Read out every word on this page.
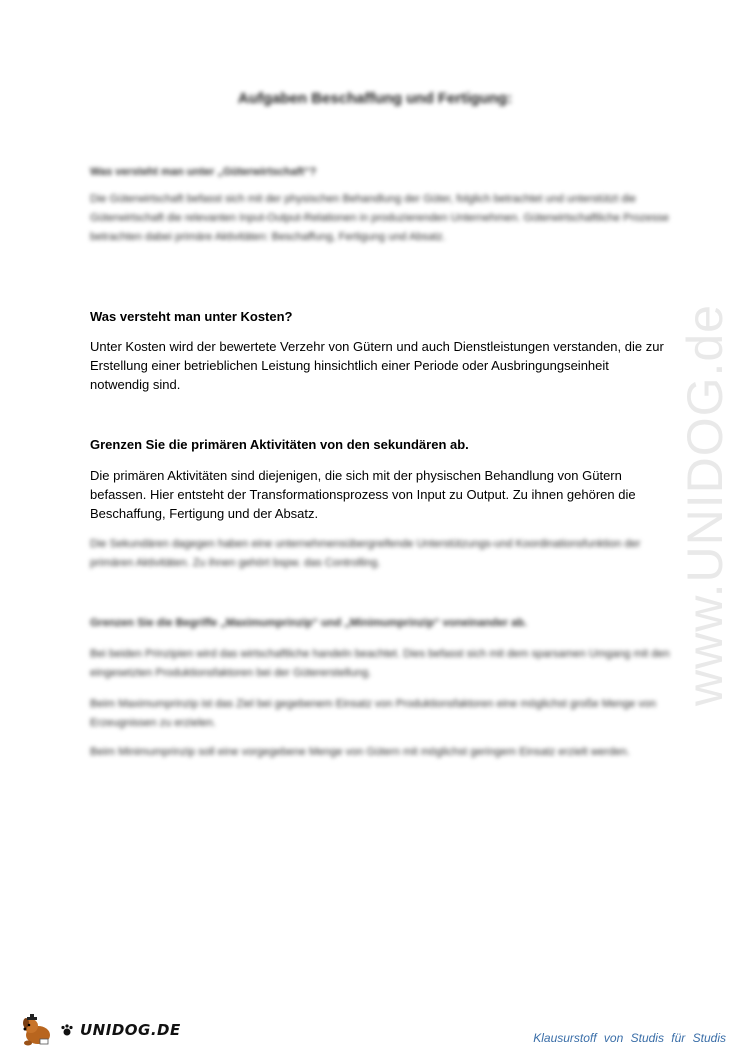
www.UNIDOG.de
Aufgaben Beschaffung und Fertigung:
Was versteht man unter „Güterwirtschaft“?
Die Güterwirtschaft befasst sich mit der physischen Behandlung der Güter, folglich betrachtet und unterstützt die Güterwirtschaft die relevanten Input-Output-Relationen in produzierenden Unternehmen. Güterwirtschaftliche Prozesse betrachten dabei primäre Aktivitäten: Beschaffung, Fertigung und Absatz.
Was versteht man unter Kosten?
Unter Kosten wird der bewertete Verzehr von Gütern und auch Dienstleistungen verstanden, die zur Erstellung einer betrieblichen Leistung hinsichtlich einer Periode oder Ausbringungseinheit notwendig sind.
Grenzen Sie die primären Aktivitäten von den sekundären ab.
Die primären Aktivitäten sind diejenigen, die sich mit der physischen Behandlung von Gütern befassen. Hier entsteht der Transformationsprozess von Input zu Output. Zu ihnen gehören die Beschaffung, Fertigung und der Absatz.
Die Sekundären dagegen haben eine unternehmensübergreifende Unterstützungs-und Koordinationsfunktion der primären Aktivitäten. Zu ihnen gehört bspw. das Controlling.
Grenzen Sie die Begriffe „Maximumprinzip“ und „Minimumprinzip“ voneinander ab.
Bei beiden Prinzipien wird das wirtschaftliche handeln beachtet. Dies befasst sich mit dem sparsamen Umgang mit den eingesetzten Produktionsfaktoren bei der Gütererstellung.
Beim Maximumprinzip ist das Ziel bei gegebenem Einsatz von Produktionsfaktoren eine möglichst große Menge von Erzeugnissen zu erzielen.
Beim Minimumprinzip soll eine vorgegebene Menge von Gütern mit möglichst geringem Einsatz erzielt werden.
UNIDOG.DE	Klausurstoff von Studis für Studis
